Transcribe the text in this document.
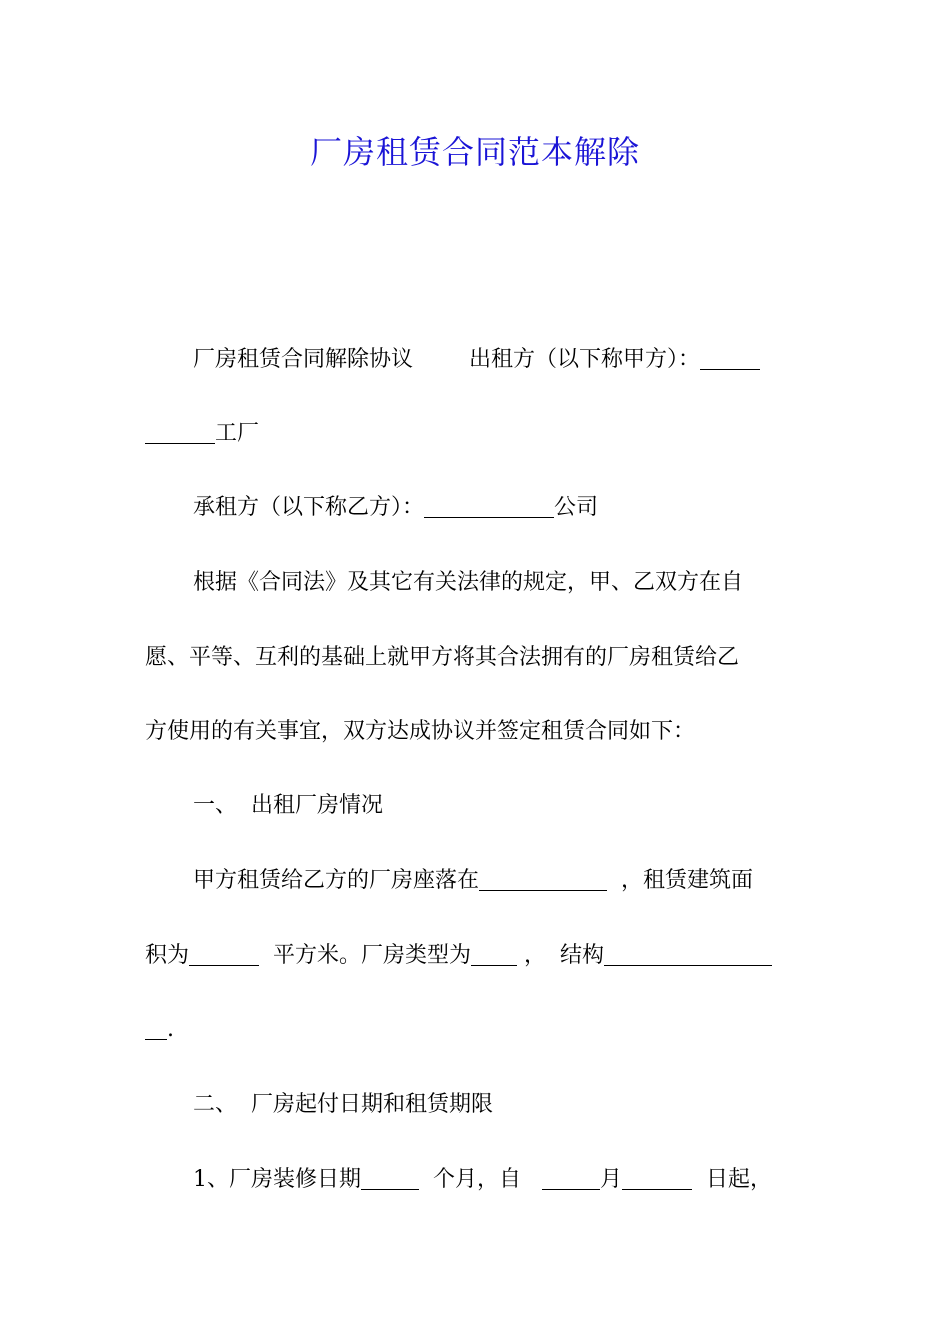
厂房租赁合同范本解除
厂房租赁合同解除协议	出租方（以下称甲方）：
工厂
承租方（以下称乙方）：	公司
根据《合同法》及其它有关法律的规定，甲、乙双方在自
愿、平等、互利的基础上就甲方将其合法拥有的厂房租赁给乙
方使用的有关事宜，双方达成协议并签定租赁合同如下：
一、  出租厂房情况
甲方租赁给乙方的厂房座落在	，租赁建筑面
积为	平方米。厂房类型为 ， 结构
.
二、  厂房起付日期和租赁期限
1、厂房装修日期	个月，自	月	日起，
